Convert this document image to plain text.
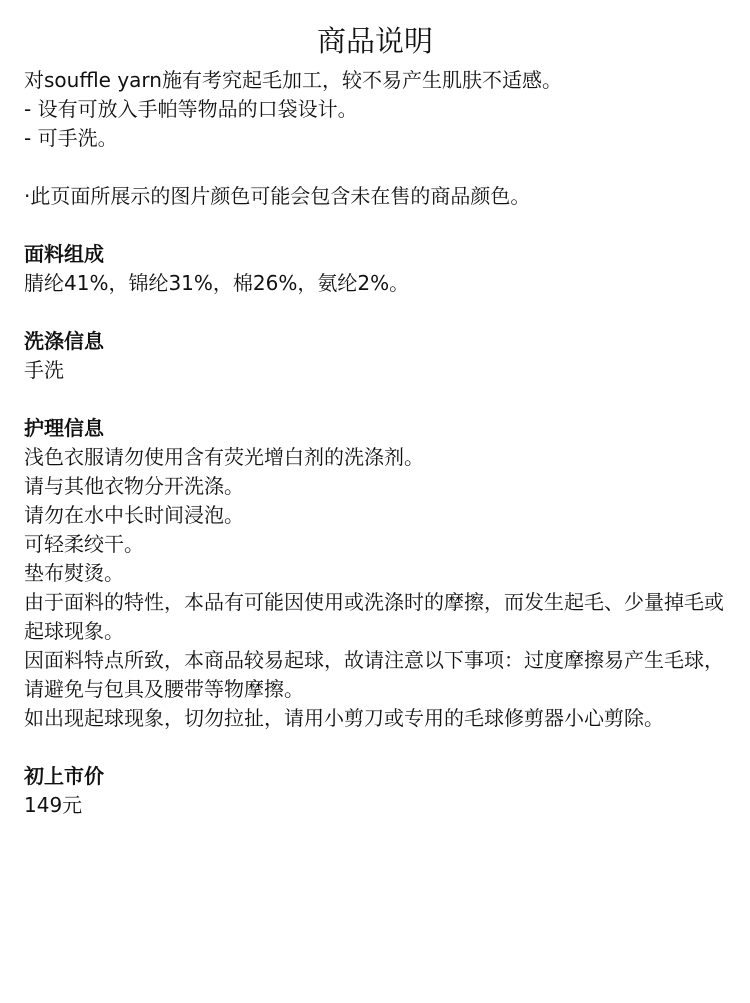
商品说明
对souffle yarn施有考究起毛加工，较不易产生肌肤不适感。
- 设有可放入手帕等物品的口袋设计。
- 可手洗。
·此页面所展示的图片颜色可能会包含未在售的商品颜色。
面料组成
腈纶41%，锦纶31%，棉26%，氨纶2%。
洗涤信息
手洗
护理信息
浅色衣服请勿使用含有荧光增白剂的洗涤剂。
请与其他衣物分开洗涤。
请勿在水中长时间浸泡。
可轻柔绞干。
垫布熨烫。
由于面料的特性，本品有可能因使用或洗涤时的摩擦，而发生起毛、少量掉毛或起球现象。
因面料特点所致，本商品较易起球，故请注意以下事项：过度摩擦易产生毛球，请避免与包具及腰带等物摩擦。
如出现起球现象，切勿拉扯，请用小剪刀或专用的毛球修剪器小心剪除。
初上市价
149元
